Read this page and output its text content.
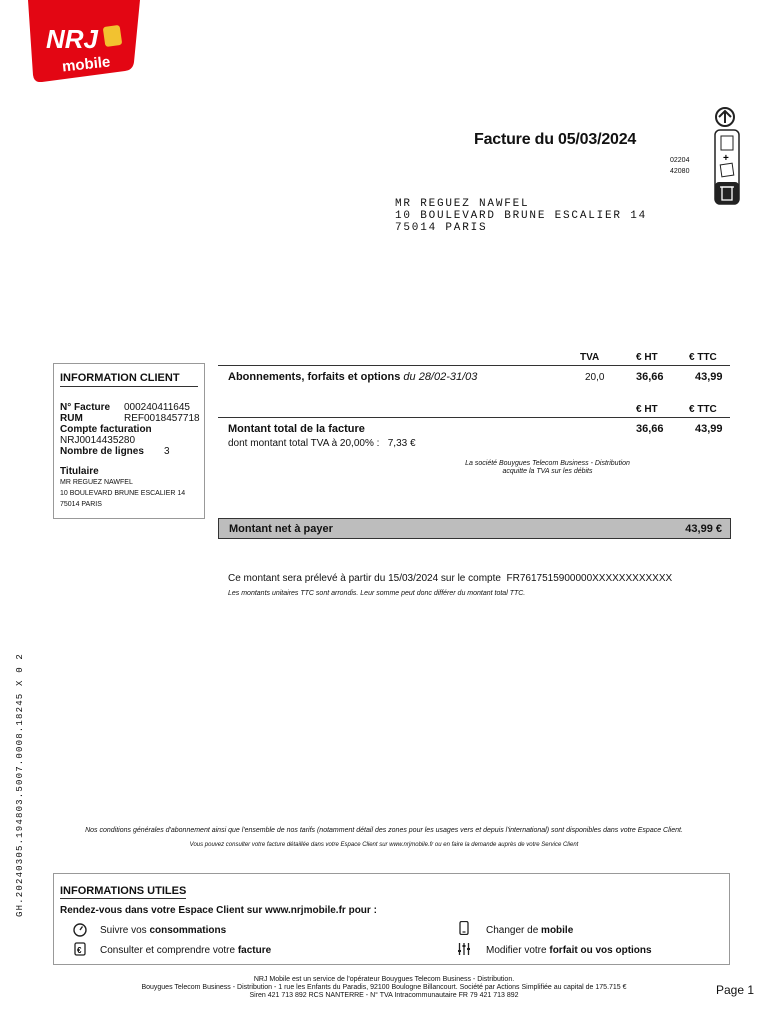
NRJ
mobile
Facture du 05/03/2024
02204
42080
+
MR REGUEZ NAWFEL
10 BOULEVARD BRUNE ESCALIER 14
75014 PARIS
GH.20240305.194803.5007.0008.18245 X 0 2
INFORMATION CLIENT
N° Facture 000240411645
RUM	REF0018457718
Compte facturation
NRJ0014435280
Nombre de lignes 3
Titulaire
MR REGUEZ NAWFEL
10 BOULEVARD BRUNE ESCALIER 14
75014 PARIS
TVA	€ HT	€ TTC
Abonnements, forfaits et options du 28/02-31/03	20,0	36,66	43,99
€ HT	€ TTC
Montant total de la facture	36,66	43,99
dont montant total TVA à 20,00% : 7,33 €
La société Bouygues Telecom Business - Distribution
acquitte la TVA sur les débits
Montant net à payer	43,99 €
Ce montant sera prélevé à partir du 15/03/2024 sur le compte FR7617515900000XXXXXXXXXXXX
Les montants unitaires TTC sont arrondis. Leur somme peut donc différer du montant total TTC.
Nos conditions générales d'abonnement ainsi que l'ensemble de nos tarifs (notamment détail des zones pour les usages vers et depuis l'international) sont disponibles dans votre Espace Client.
Vous pouvez consulter votre facture détaillée dans votre Espace Client sur www.nrjmobile.fr ou en faire la demande auprès de votre Service Client
INFORMATIONS UTILES
Rendez-vous dans votre Espace Client sur www.nrjmobile.fr pour :
Suivre vos consommations
€ Consulter et comprendre votre facture
Changer de mobile
Modifier votre forfait ou vos options
NRJ Mobile est un service de l'opérateur Bouygues Telecom Business - Distribution.
Bouygues Telecom Business - Distribution - 1 rue les Enfants du Paradis, 92100 Boulogne Billancourt. Société par Actions Simplifiée au capital de 175.715 €
Siren 421 713 892 RCS NANTERRE - N° TVA Intracommunautaire FR 79 421 713 892	Page 1
